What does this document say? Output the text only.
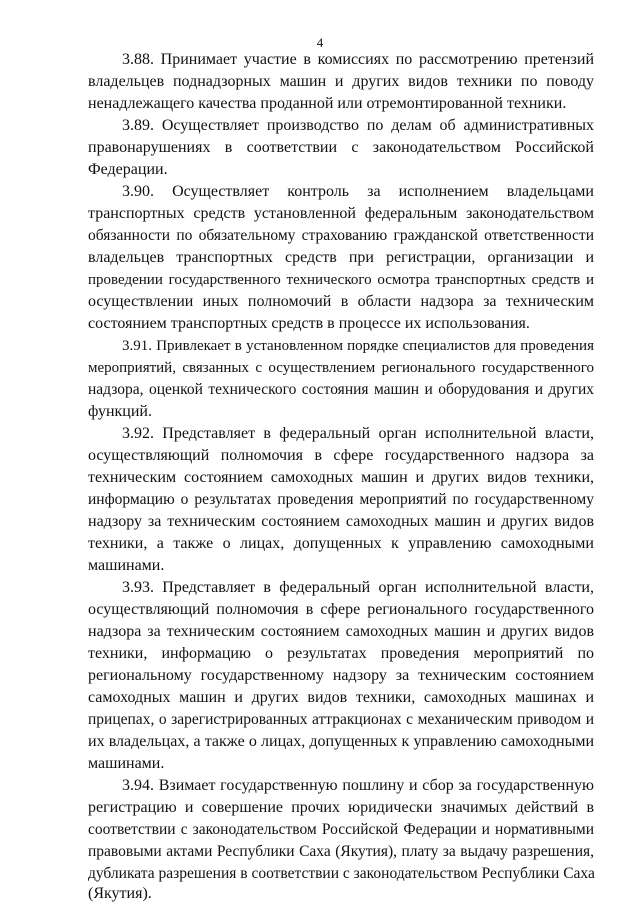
4
3.88. Принимает участие в комиссиях по рассмотрению претензий
владельцев поднадзорных машин и других видов техники по поводу
ненадлежащего качества проданной или отремонтированной техники.
3.89. Осуществляет производство по делам об административных
правонарушениях в соответствии с законодательством Российской
Федерации.
3.90. Осуществляет контроль за исполнением владельцами
транспортных средств установленной федеральным законодательством
обязанности по обязательному страхованию гражданской ответственности
владельцев транспортных средств при регистрации, организации и
проведении государственного технического осмотра транспортных средств и
осуществлении иных полномочий в области надзора за техническим
состоянием транспортных средств в процессе их использования.
3.91. Привлекает в установленном порядке специалистов для проведения
мероприятий, связанных с осуществлением регионального государственного
надзора, оценкой технического состояния машин и оборудования и других
функций.
3.92. Представляет в федеральный орган исполнительной власти,
осуществляющий полномочия в сфере государственного надзора за
техническим состоянием самоходных машин и других видов техники,
информацию о результатах проведения мероприятий по государственному
надзору за техническим состоянием самоходных машин и других видов
техники, а также о лицах, допущенных к управлению самоходными
машинами.
3.93. Представляет в федеральный орган исполнительной власти,
осуществляющий полномочия в сфере регионального государственного
надзора за техническим состоянием самоходных машин и других видов
техники, информацию о результатах проведения мероприятий по
региональному государственному надзору за техническим состоянием
самоходных машин и других видов техники, самоходных машинах и
прицепах, о зарегистрированных аттракционах с механическим приводом и
их владельцах, а также о лицах, допущенных к управлению самоходными
машинами.
3.94. Взимает государственную пошлину и сбор за государственную
регистрацию и совершение прочих юридически значимых действий в
соответствии с законодательством Российской Федерации и нормативными
правовыми актами Республики Саха (Якутия), плату за выдачу разрешения,
дубликата разрешения в соответствии с законодательством Республики Саха
(Якутия).
